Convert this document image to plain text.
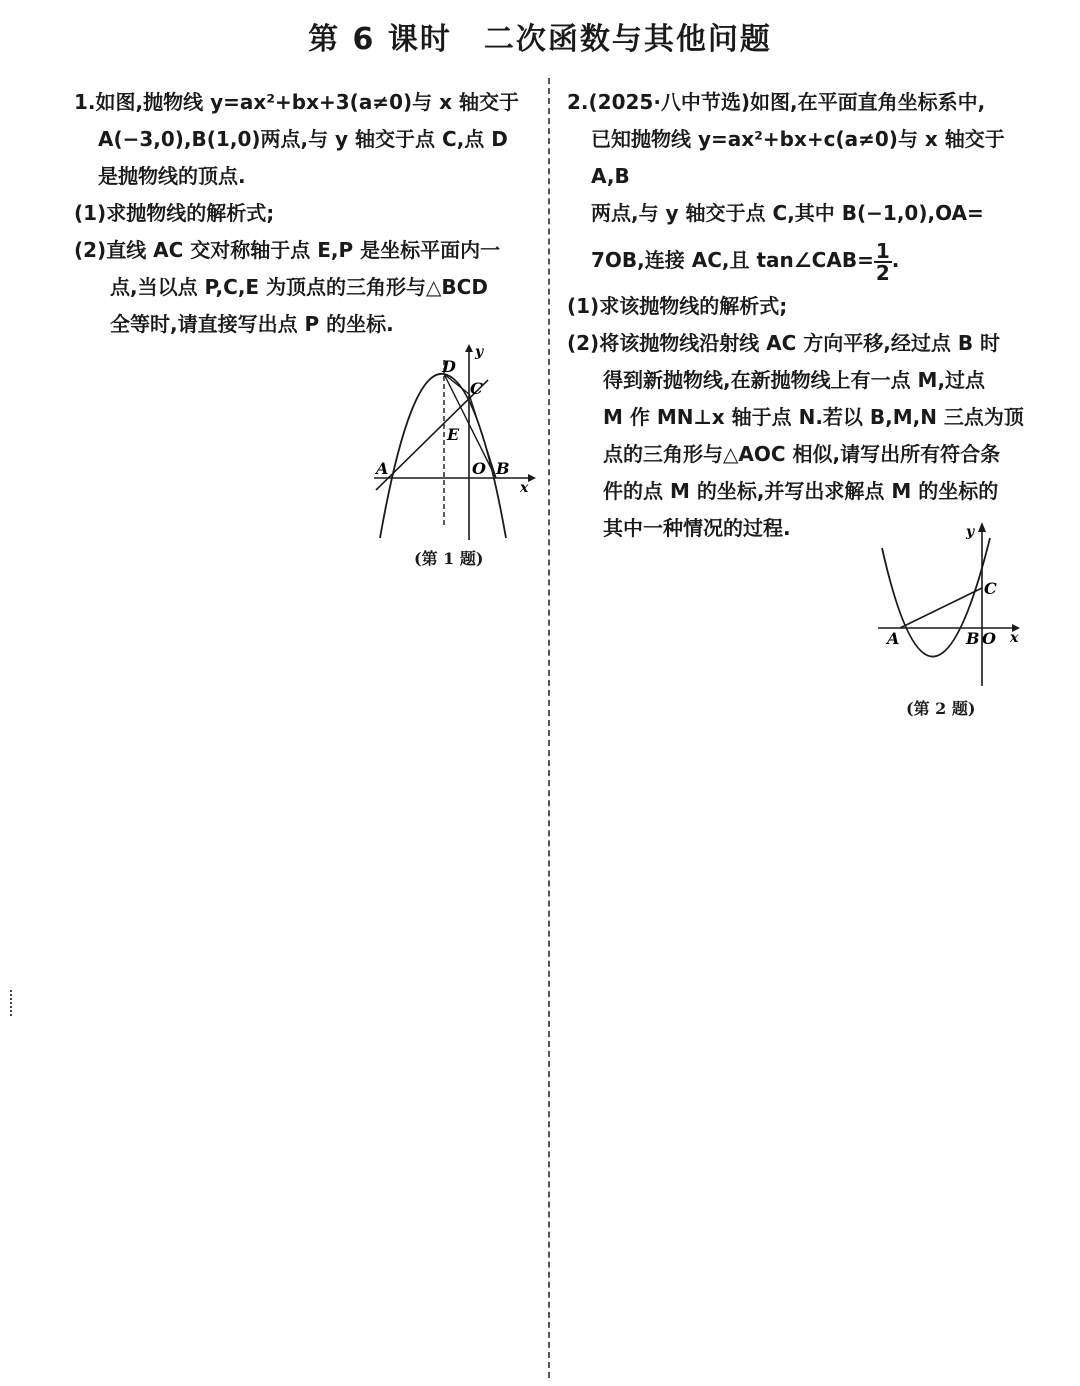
第 6 课时　二次函数与其他问题

1.如图,抛物线 y=ax²+bx+3(a≠0)与 x 轴交于

A(−3,0),B(1,0)两点,与 y 轴交于点 C,点 D

是抛物线的顶点.

(1)求抛物线的解析式;

(2)直线 AC 交对称轴于点 E,P 是坐标平面内一

点,当以点 P,C,E 为顶点的三角形与△BCD

全等时,请直接写出点 P 的坐标.

A	B
O
C
D
E
x
y
(第 1 题)

2.(2025·八中节选)如图,在平面直角坐标系中,

已知抛物线 y=ax²+bx+c(a≠0)与 x 轴交于 A,B

两点,与 y 轴交于点 C,其中 B(−1,0),OA=

7OB,连接 AC,且 tan∠CAB= $\frac{1}{2}$ .

(1)求该抛物线的解析式;

(2)将该抛物线沿射线 AC 方向平移,经过点 B 时

得到新抛物线,在新抛物线上有一点 M,过点

M 作 MN⊥x 轴于点 N.若以 B,M,N 三点为顶

点的三角形与△AOC 相似,请写出所有符合条

件的点 M 的坐标,并写出求解点 M 的坐标的

其中一种情况的过程.

A	B O
C
x
y
(第 2 题)
